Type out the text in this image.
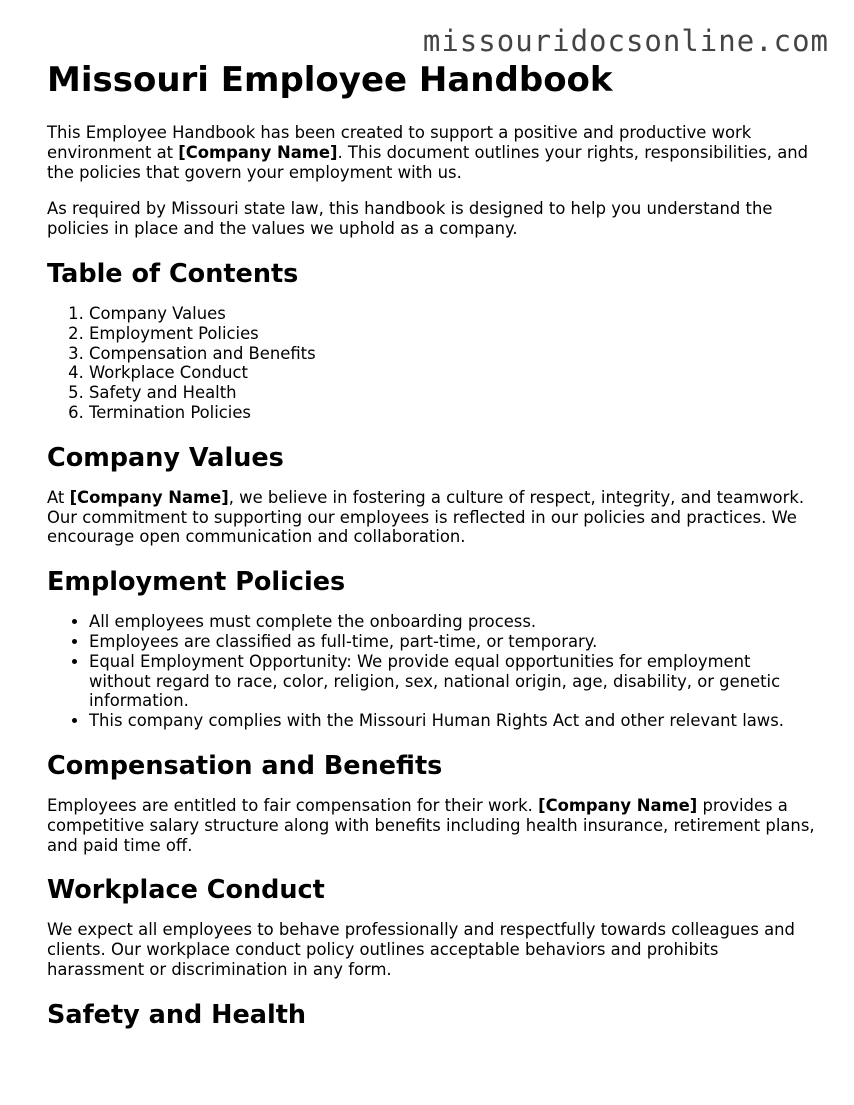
missouridocsonline.com
Missouri Employee Handbook

This Employee Handbook has been created to support a positive and productive work environment at [Company Name]. This document outlines your rights, responsibilities, and the policies that govern your employment with us.

As required by Missouri state law, this handbook is designed to help you understand the policies in place and the values we uphold as a company.

Table of Contents
1. Company Values
2. Employment Policies
3. Compensation and Benefits
4. Workplace Conduct
5. Safety and Health
6. Termination Policies
Company Values

At [Company Name], we believe in fostering a culture of respect, integrity, and teamwork. Our commitment to supporting our employees is reflected in our policies and practices. We encourage open communication and collaboration.

Employment Policies
• All employees must complete the onboarding process.
• Employees are classified as full-time, part-time, or temporary.
• Equal Employment Opportunity: We provide equal opportunities for employment without regard to race, color, religion, sex, national origin, age, disability, or genetic information.
• This company complies with the Missouri Human Rights Act and other relevant laws.
Compensation and Benefits

Employees are entitled to fair compensation for their work. [Company Name] provides a competitive salary structure along with benefits including health insurance, retirement plans, and paid time off.

Workplace Conduct

We expect all employees to behave professionally and respectfully towards colleagues and clients. Our workplace conduct policy outlines acceptable behaviors and prohibits harassment or discrimination in any form.

Safety and Health
